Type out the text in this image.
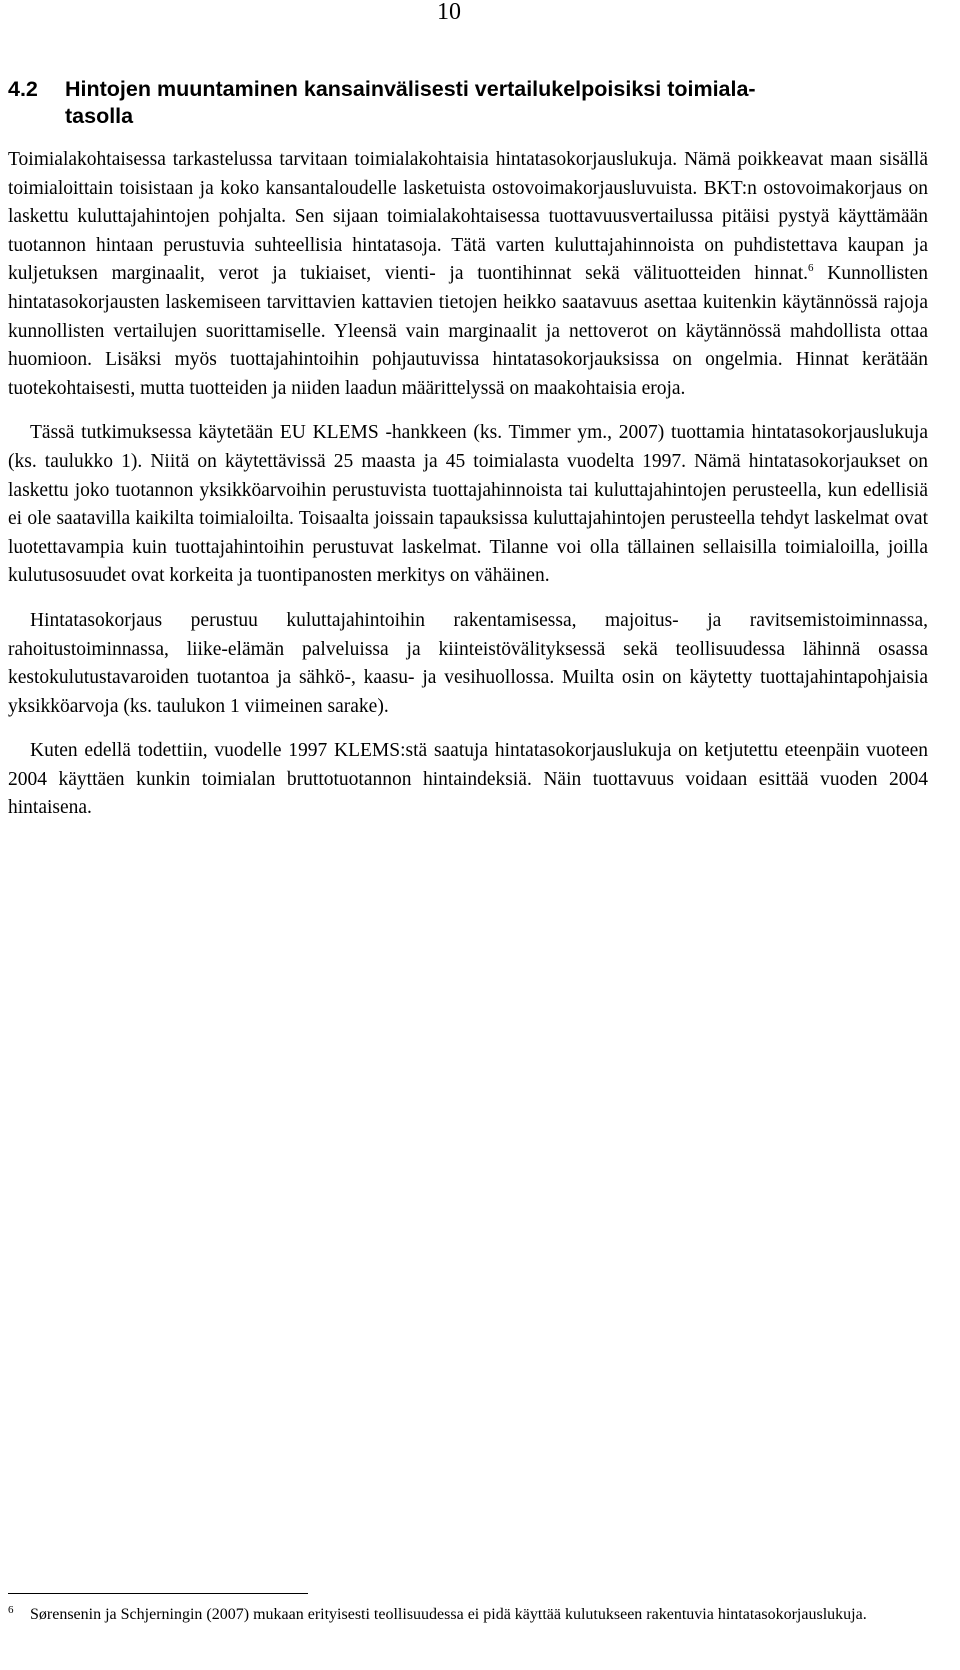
10
4.2 Hintojen muuntaminen kansainvälisesti vertailukelpoisiksi toimiala-
tasolla

Toimialakohtaisessa tarkastelussa tarvitaan toimialakohtaisia hintatasokorjauslukuja. Nämä poikkeavat maan sisällä toimialoittain toisistaan ja koko kansantaloudelle lasketuista ostovoimakorjausluvuista. BKT:n ostovoimakorjaus on laskettu kuluttajahintojen pohjalta. Sen sijaan toimialakohtaisessa tuottavuusvertailussa pitäisi pystyä käyttämään tuotannon hintaan perustuvia suhteellisia hintatasoja. Tätä varten kuluttajahinnoista on puhdistettava kaupan ja kuljetuksen marginaalit, verot ja tukiaiset, vienti- ja tuontihinnat sekä välituotteiden hinnat.$^6$ Kunnollisten hintatasokorjausten laskemiseen tarvittavien kattavien tietojen heikko saatavuus asettaa kuitenkin käytännössä rajoja kunnollisten vertailujen suorittamiselle. Yleensä vain marginaalit ja nettoverot on käytännössä mahdollista ottaa huomioon. Lisäksi myös tuottajahintoihin pohjautuvissa hintatasokorjauksissa on ongelmia. Hinnat kerätään tuotekohtaisesti, mutta tuotteiden ja niiden laadun määrittelyssä on maakohtaisia eroja.

Tässä tutkimuksessa käytetään EU KLEMS -hankkeen (ks. Timmer ym., 2007) tuottamia hintatasokorjauslukuja (ks. taulukko 1). Niitä on käytettävissä 25 maasta ja 45 toimialasta vuodelta 1997. Nämä hintatasokorjaukset on laskettu joko tuotannon yksikköarvoihin perustuvista tuottajahinnoista tai kuluttajahintojen perusteella, kun edellisiä ei ole saatavilla kaikilta toimialoilta. Toisaalta joissain tapauksissa kuluttajahintojen perusteella tehdyt laskelmat ovat luotettavampia kuin tuottajahintoihin perustuvat laskelmat. Tilanne voi olla tällainen sellaisilla toimialoilla, joilla kulutusosuudet ovat korkeita ja tuontipanosten merkitys on vähäinen.

Hintatasokorjaus perustuu kuluttajahintoihin rakentamisessa, majoitus- ja ravitsemistoiminnassa, rahoitustoiminnassa, liike-elämän palveluissa ja kiinteistövälityksessä sekä teollisuudessa lähinnä osassa kestokulutustavaroiden tuotantoa ja sähkö-, kaasu- ja vesihuollossa. Muilta osin on käytetty tuottajahintapohjaisia yksikköarvoja (ks. taulukon 1 viimeinen sarake).

Kuten edellä todettiin, vuodelle 1997 KLEMS:stä saatuja hintatasokorjauslukuja on ketjutettu eteenpäin vuoteen 2004 käyttäen kunkin toimialan bruttotuotannon hintaindeksiä. Näin tuottavuus voidaan esittää vuoden 2004 hintaisena.

6 Sørensenin ja Schjerningin (2007) mukaan erityisesti teollisuudessa ei pidä käyttää kulutukseen rakentuvia hintatasokorjauslukuja.
